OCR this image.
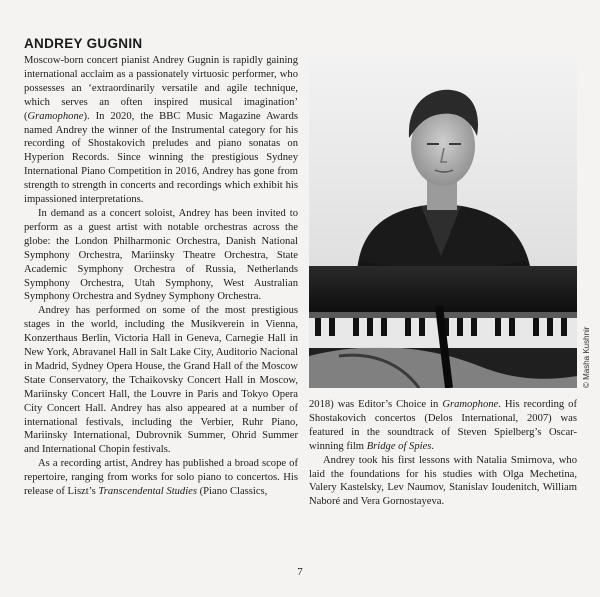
ANDREY GUGNIN

Moscow-born concert pianist Andrey Gugnin is rapidly gaining international acclaim as a passionately virtuosic performer, who possesses an ‘extraordinarily versatile and agile technique, which serves an often inspired musical imagination’ (Gramophone). In 2020, the BBC Music Magazine Awards named Andrey the winner of the Instrumental category for his recording of Shostakovich preludes and piano sonatas on Hyperion Records. Since winning the prestigious Sydney International Piano Competition in 2016, Andrey has gone from strength to strength in concerts and recordings which exhibit his impassioned interpretations.

In demand as a concert soloist, Andrey has been invited to perform as a guest artist with notable orchestras across the globe: the London Philharmonic Orchestra, Danish National Symphony Orchestra, Mariinsky Theatre Orchestra, State Academic Symphony Orchestra of Russia, Netherlands Symphony Orchestra, Utah Symphony, West Australian Symphony Orchestra and Sydney Symphony Orchestra.

Andrey has performed on some of the most prestigious stages in the world, including the Musikverein in Vienna, Konzerthaus Berlin, Victoria Hall in Geneva, Carnegie Hall in New York, Abravanel Hall in Salt Lake City, Auditorio Nacional in Madrid, Sydney Opera House, the Grand Hall of the Moscow State Conservatory, the Tchaikovsky Concert Hall in Moscow, Mariinsky Concert Hall, the Louvre in Paris and Tokyo Opera City Concert Hall. Andrey has also appeared at a number of international festivals, including the Verbier, Ruhr Piano, Mariinsky International, Dubrovnik Summer, Ohrid Summer and International Chopin festivals.

As a recording artist, Andrey has published a broad scope of repertoire, ranging from works for solo piano to concertos. His release of Liszt’s Transcendental Studies (Piano Classics,

© Masha Kushnir

2018) was Editor’s Choice in Gramophone. His recording of Shostakovich concertos (Delos International, 2007) was featured in the soundtrack of Steven Spielberg’s Oscar-winning film Bridge of Spies.

Andrey took his first lessons with Natalia Smirnova, who laid the foundations for his studies with Olga Mechetina, Valery Kastelsky, Lev Naumov, Stanislav Ioudenitch, William Naboré and Vera Gornostayeva.

7
